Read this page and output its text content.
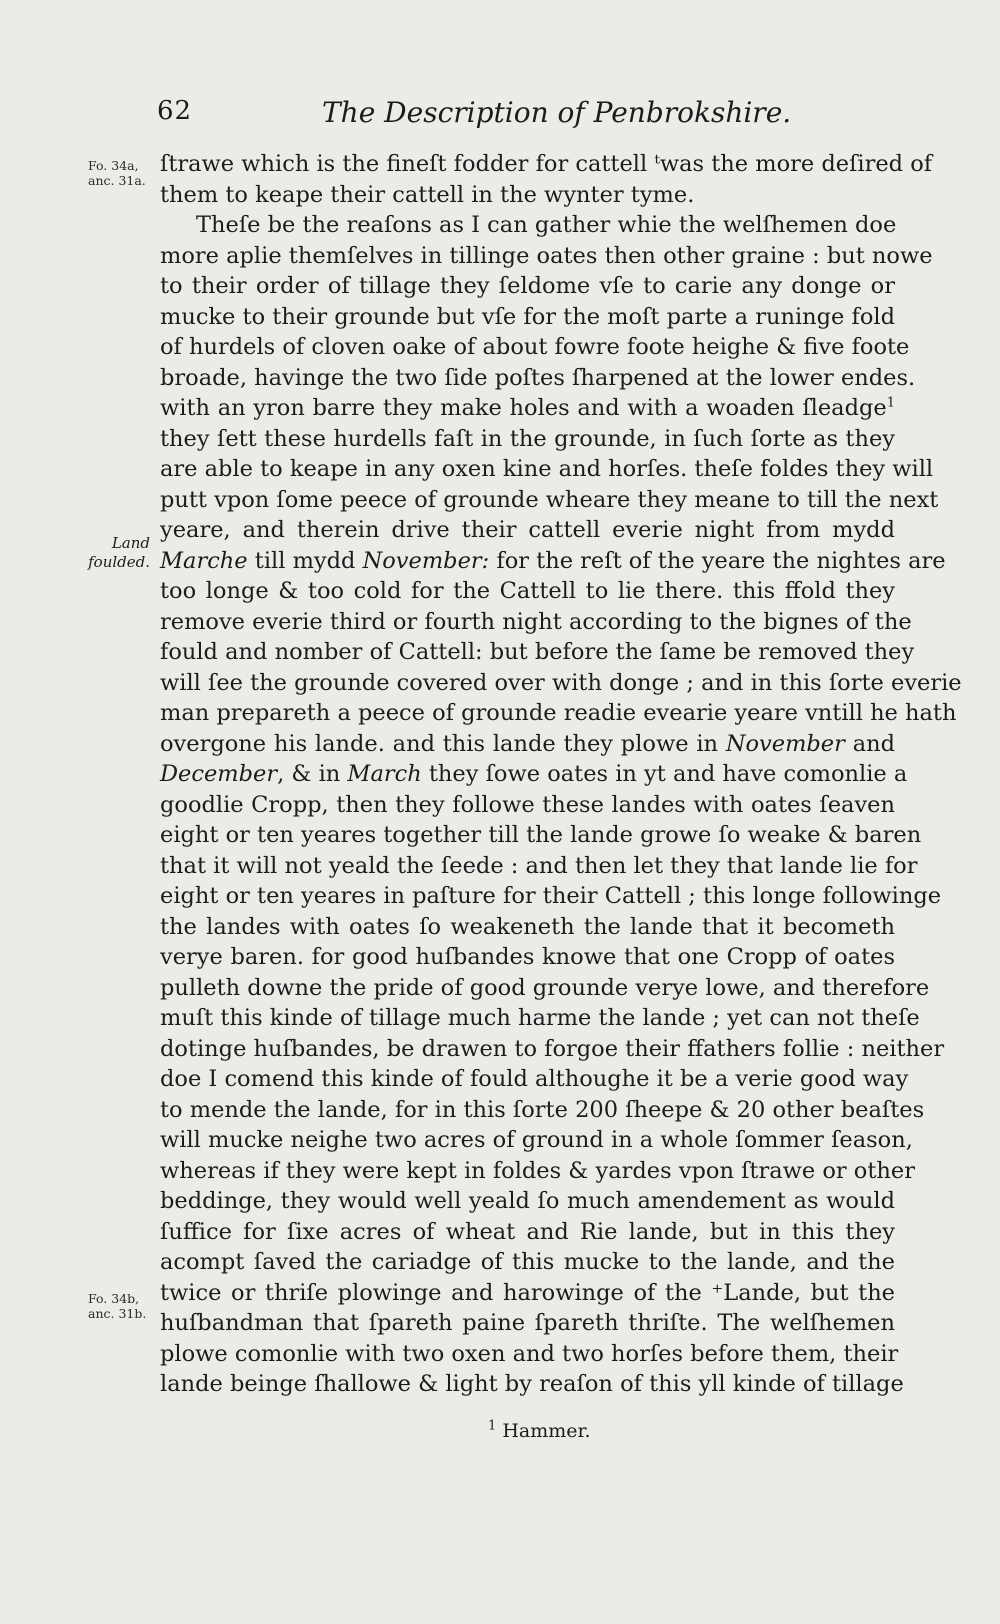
62	The Description of Penbrokshire.
Fo. 34a,
anc. 31a.
Land
foulded.
Fo. 34b,
anc. 31b.
ſtrawe which is the fineſt fodder for cattell ᵗwas the more deſired of
them to keape their cattell in the wynter tyme.
Theſe be the reaſons as I can gather whie the welſhemen doe
more aplie themſelves in tillinge oates then other graine : but nowe
to their order of tillage they ſeldome vſe to carie any donge or
mucke to their grounde but vſe for the moſt parte a runinge fold
of hurdels of cloven oake of about fowre foote heighe & five foote
broade, havinge the two ſide poſtes ſharpened at the lower endes.
with an yron barre they make holes and with a woaden ſleadge$^1$
they ſett these hurdells faſt in the grounde, in ſuch ſorte as they
are able to keape in any oxen kine and horſes. theſe foldes they will
putt vpon ſome peece of grounde wheare they meane to till the next
yeare, and therein drive their cattell everie night from mydd
Marche till mydd November: for the reſt of the yeare the nightes are
too longe & too cold for the Cattell to lie there. this ffold they
remove everie third or fourth night according to the bignes of the
fould and nomber of Cattell: but before the ſame be removed they
will ſee the grounde covered over with donge ; and in this ſorte everie
man prepareth a peece of grounde readie evearie yeare vntill he hath
overgone his lande. and this lande they plowe in November and
December, & in March they ſowe oates in yt and have comonlie a
goodlie Cropp, then they followe these landes with oates ſeaven
eight or ten yeares together till the lande growe ſo weake & baren
that it will not yeald the ſeede : and then let they that lande lie for
eight or ten yeares in paſture for their Cattell ; this longe followinge
the landes with oates ſo weakeneth the lande that it becometh
verye baren. for good huſbandes knowe that one Cropp of oates
pulleth downe the pride of good grounde verye lowe, and therefore
muſt this kinde of tillage much harme the lande ; yet can not theſe
dotinge huſbandes, be drawen to forgoe their ffathers follie : neither
doe I comend this kinde of fould althoughe it be a verie good way
to mende the lande, for in this ſorte 200 ſheepe & 20 other beaſtes
will mucke neighe two acres of ground in a whole ſommer ſeason,
whereas if they were kept in foldes & yardes vpon ſtrawe or other
beddinge, they would well yeald ſo much amendement as would
ſuffice for ſixe acres of wheat and Rie lande, but in this they
acompt ſaved the cariadge of this mucke to the lande, and the
twice or thriſe plowinge and harowinge of the ⁺Lande, but the
huſbandman that ſpareth paine ſpareth thriſte. The welſhemen
plowe comonlie with two oxen and two horſes before them, their
lande beinge ſhallowe & light by reaſon of this yll kinde of tillage
$^1$ Hammer.
